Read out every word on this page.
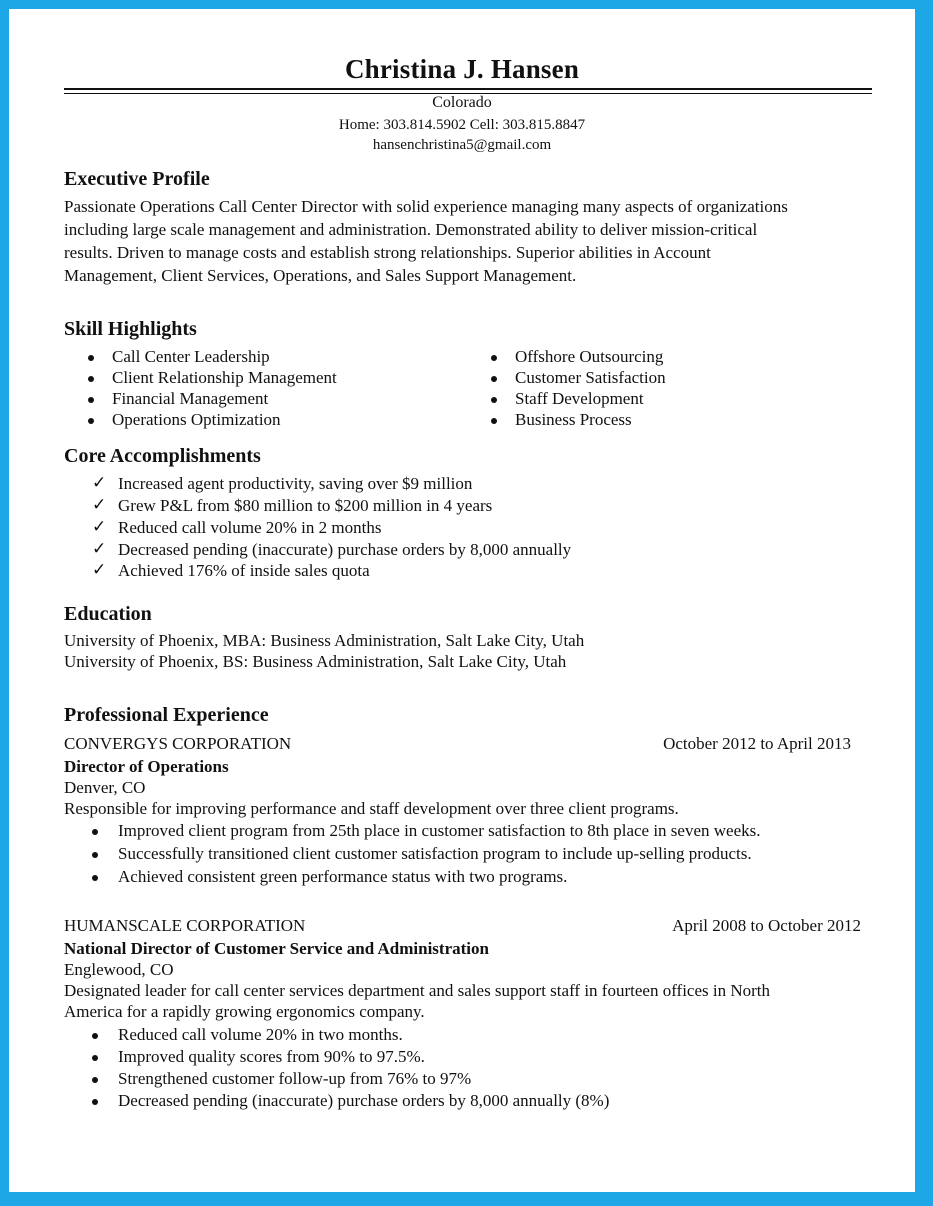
Christina J. Hansen
Colorado
Home: 303.814.5902 Cell: 303.815.8847
hansenchristina5@gmail.com
Executive Profile
Passionate Operations Call Center Director with solid experience managing many aspects of organizations
including large scale management and administration. Demonstrated ability to deliver mission-critical
results. Driven to manage costs and establish strong relationships. Superior abilities in Account
Management, Client Services, Operations, and Sales Support Management.
Skill Highlights
Call Center Leadership
Client Relationship Management
Financial Management
Operations Optimization
Offshore Outsourcing
Customer Satisfaction
Staff Development
Business Process
Core Accomplishments
✓ Increased agent productivity, saving over $9 million
✓ Grew P&L from $80 million to $200 million in 4 years
✓ Reduced call volume 20% in 2 months
✓ Decreased pending (inaccurate) purchase orders by 8,000 annually
✓ Achieved 176% of inside sales quota
Education
University of Phoenix, MBA: Business Administration, Salt Lake City, Utah
University of Phoenix, BS: Business Administration, Salt Lake City, Utah
Professional Experience
CONVERGYS CORPORATION	October 2012 to April 2013
Director of Operations
Denver, CO
Responsible for improving performance and staff development over three client programs.
Improved client program from 25th place in customer satisfaction to 8th place in seven weeks.
Successfully transitioned client customer satisfaction program to include up-selling products.
Achieved consistent green performance status with two programs.
HUMANSCALE CORPORATION	April 2008 to October 2012
National Director of Customer Service and Administration
Englewood, CO
Designated leader for call center services department and sales support staff in fourteen offices in North
America for a rapidly growing ergonomics company.
Reduced call volume 20% in two months.
Improved quality scores from 90% to 97.5%.
Strengthened customer follow-up from 76% to 97%
Decreased pending (inaccurate) purchase orders by 8,000 annually (8%)
